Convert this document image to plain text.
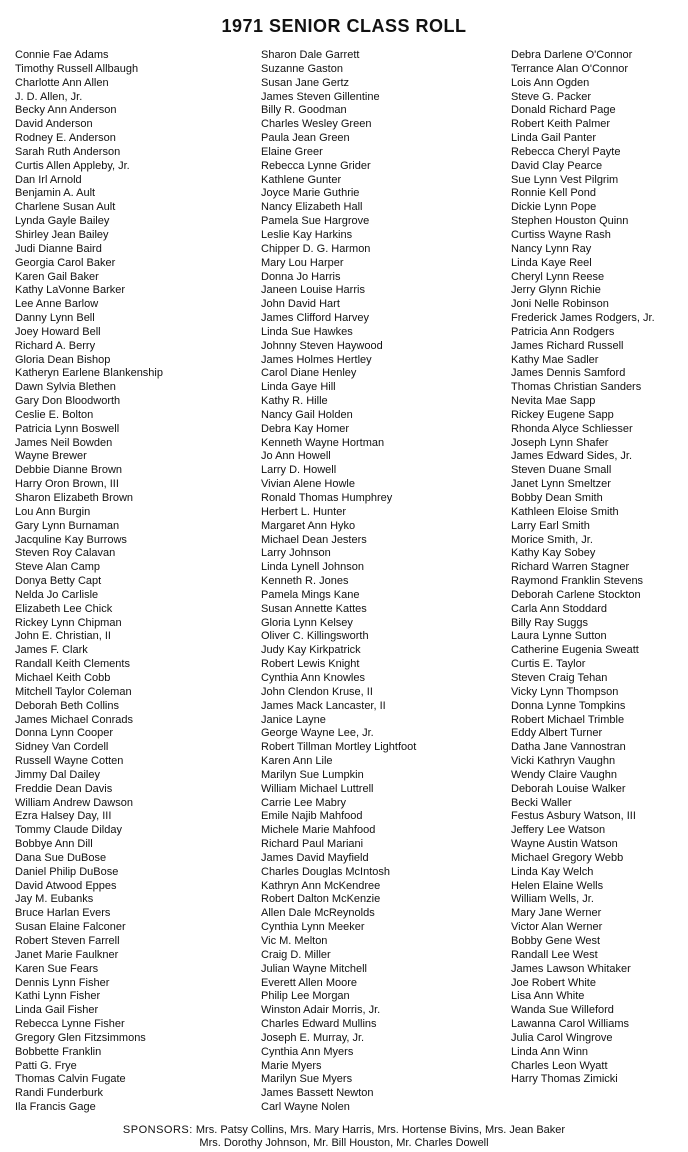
1971 SENIOR CLASS ROLL
Connie Fae Adams
Timothy Russell Allbaugh
Charlotte Ann Allen
J. D. Allen, Jr.
Becky Ann Anderson
David Anderson
Rodney E. Anderson
Sarah Ruth Anderson
Curtis Allen Appleby, Jr.
Dan Irl Arnold
Benjamin A. Ault
Charlene Susan Ault
Lynda Gayle Bailey
Shirley Jean Bailey
Judi Dianne Baird
Georgia Carol Baker
Karen Gail Baker
Kathy LaVonne Barker
Lee Anne Barlow
Danny Lynn Bell
Joey Howard Bell
Richard A. Berry
Gloria Dean Bishop
Katheryn Earlene Blankenship
Dawn Sylvia Blethen
Gary Don Bloodworth
Ceslie E. Bolton
Patricia Lynn Boswell
James Neil Bowden
Wayne Brewer
Debbie Dianne Brown
Harry Oron Brown, III
Sharon Elizabeth Brown
Lou Ann Burgin
Gary Lynn Burnaman
Jacquline Kay Burrows
Steven Roy Calavan
Steve Alan Camp
Donya Betty Capt
Nelda Jo Carlisle
Elizabeth Lee Chick
Rickey Lynn Chipman
John E. Christian, II
James F. Clark
Randall Keith Clements
Michael Keith Cobb
Mitchell Taylor Coleman
Deborah Beth Collins
James Michael Conrads
Donna Lynn Cooper
Sidney Van Cordell
Russell Wayne Cotten
Jimmy Dal Dailey
Freddie Dean Davis
William Andrew Dawson
Ezra Halsey Day, III
Tommy Claude Dilday
Bobbye Ann Dill
Dana Sue DuBose
Daniel Philip DuBose
David Atwood Eppes
Jay M. Eubanks
Bruce Harlan Evers
Susan Elaine Falconer
Robert Steven Farrell
Janet Marie Faulkner
Karen Sue Fears
Dennis Lynn Fisher
Kathi Lynn Fisher
Linda Gail Fisher
Rebecca Lynne Fisher
Gregory Glen Fitzsimmons
Bobbette Franklin
Patti G. Frye
Thomas Calvin Fugate
Randi Funderburk
Ila Francis Gage
Sharon Dale Garrett
Suzanne Gaston
Susan Jane Gertz
James Steven Gillentine
Billy R. Goodman
Charles Wesley Green
Paula Jean Green
Elaine Greer
Rebecca Lynne Grider
Kathlene Gunter
Joyce Marie Guthrie
Nancy Elizabeth Hall
Pamela Sue Hargrove
Leslie Kay Harkins
Chipper D. G. Harmon
Mary Lou Harper
Donna Jo Harris
Janeen Louise Harris
John David Hart
James Clifford Harvey
Linda Sue Hawkes
Johnny Steven Haywood
James Holmes Hertley
Carol Diane Henley
Linda Gaye Hill
Kathy R. Hille
Nancy Gail Holden
Debra Kay Homer
Kenneth Wayne Hortman
Jo Ann Howell
Larry D. Howell
Vivian Alene Howle
Ronald Thomas Humphrey
Herbert L. Hunter
Margaret Ann Hyko
Michael Dean Jesters
Larry Johnson
Linda Lynell Johnson
Kenneth R. Jones
Pamela Mings Kane
Susan Annette Kattes
Gloria Lynn Kelsey
Oliver C. Killingsworth
Judy Kay Kirkpatrick
Robert Lewis Knight
Cynthia Ann Knowles
John Clendon Kruse, II
James Mack Lancaster, II
Janice Layne
George Wayne Lee, Jr.
Robert Tillman Mortley Lightfoot
Karen Ann Lile
Marilyn Sue Lumpkin
William Michael Luttrell
Carrie Lee Mabry
Emile Najib Mahfood
Michele Marie Mahfood
Richard Paul Mariani
James David Mayfield
Charles Douglas McIntosh
Kathryn Ann McKendree
Robert Dalton McKenzie
Allen Dale McReynolds
Cynthia Lynn Meeker
Vic M. Melton
Craig D. Miller
Julian Wayne Mitchell
Everett Allen Moore
Philip Lee Morgan
Winston Adair Morris, Jr.
Charles Edward Mullins
Joseph E. Murray, Jr.
Cynthia Ann Myers
Marie Myers
Marilyn Sue Myers
James Bassett Newton
Carl Wayne Nolen
Debra Darlene O'Connor
Terrance Alan O'Connor
Lois Ann Ogden
Steve G. Packer
Donald Richard Page
Robert Keith Palmer
Linda Gail Panter
Rebecca Cheryl Payte
David Clay Pearce
Sue Lynn Vest Pilgrim
Ronnie Kell Pond
Dickie Lynn Pope
Stephen Houston Quinn
Curtiss Wayne Rash
Nancy Lynn Ray
Linda Kaye Reel
Cheryl Lynn Reese
Jerry Glynn Richie
Joni Nelle Robinson
Frederick James Rodgers, Jr.
Patricia Ann Rodgers
James Richard Russell
Kathy Mae Sadler
James Dennis Samford
Thomas Christian Sanders
Nevita Mae Sapp
Rickey Eugene Sapp
Rhonda Alyce Schliesser
Joseph Lynn Shafer
James Edward Sides, Jr.
Steven Duane Small
Janet Lynn Smeltzer
Bobby Dean Smith
Kathleen Eloise Smith
Larry Earl Smith
Morice Smith, Jr.
Kathy Kay Sobey
Richard Warren Stagner
Raymond Franklin Stevens
Deborah Carlene Stockton
Carla Ann Stoddard
Billy Ray Suggs
Laura Lynne Sutton
Catherine Eugenia Sweatt
Curtis E. Taylor
Steven Craig Tehan
Vicky Lynn Thompson
Donna Lynne Tompkins
Robert Michael Trimble
Eddy Albert Turner
Datha Jane Vannostran
Vicki Kathryn Vaughn
Wendy Claire Vaughn
Deborah Louise Walker
Becki Waller
Festus Asbury Watson, III
Jeffery Lee Watson
Wayne Austin Watson
Michael Gregory Webb
Linda Kay Welch
Helen Elaine Wells
William Wells, Jr.
Mary Jane Werner
Victor Alan Werner
Bobby Gene West
Randall Lee West
James Lawson Whitaker
Joe Robert White
Lisa Ann White
Wanda Sue Willeford
Lawanna Carol Williams
Julia Carol Wingrove
Linda Ann Winn
Charles Leon Wyatt
Harry Thomas Zimicki
SPONSORS: Mrs. Patsy Collins, Mrs. Mary Harris, Mrs. Hortense Bivins, Mrs. Jean Baker
Mrs. Dorothy Johnson, Mr. Bill Houston, Mr. Charles Dowell
